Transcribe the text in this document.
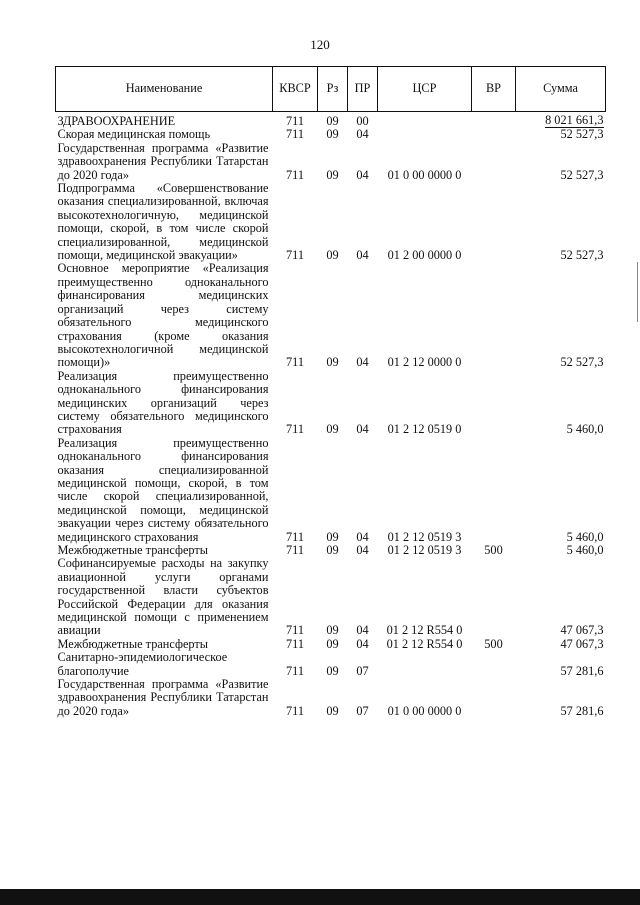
120
Наименование	КВСР	Рз	ПР	ЦСР	ВР	Сумма
ЗДРАВООХРАНЕНИЕ	711	09	00			8 021 661,3
Скорая медицинская помощь	711	09	04			52 527,3
Государственная программа «Развитие здравоохранения Республики Татарстан до 2020 года»	711	09	04	01 0 00 0000 0		52 527,3
Подпрограмма «Совершенствование оказания специализированной, включая высокотехнологичную, медицинской помощи, скорой, в том числе скорой специализированной, медицинской помощи, медицинской эвакуации»	711	09	04	01 2 00 0000 0		52 527,3
Основное мероприятие «Реализация преимущественно одноканального финансирования медицинских организаций через систему обязательного медицинского страхования (кроме оказания высокотехнологичной медицинской помощи)»	711	09	04	01 2 12 0000 0		52 527,3
Реализация преимущественно одноканального финансирования медицинских организаций через систему обязательного медицинского страхования	711	09	04	01 2 12 0519 0		5 460,0
Реализация преимущественно одноканального финансирования оказания специализированной медицинской помощи, скорой, в том числе скорой специализированной, медицинской помощи, медицинской эвакуации через систему обязательного медицинского страхования	711	09	04	01 2 12 0519 3		5 460,0
Межбюджетные трансферты	711	09	04	01 2 12 0519 3	500	5 460,0
Софинансируемые расходы на закупку авиационной услуги органами государственной власти субъектов Российской Федерации для оказания медицинской помощи с применением авиации	711	09	04	01 2 12 R554 0		47 067,3
Межбюджетные трансферты	711	09	04	01 2 12 R554 0	500	47 067,3
Санитарно-эпидемиологическое благополучие	711	09	07			57 281,6
Государственная программа «Развитие здравоохранения Республики Татарстан до 2020 года»	711	09	07	01 0 00 0000 0		57 281,6
